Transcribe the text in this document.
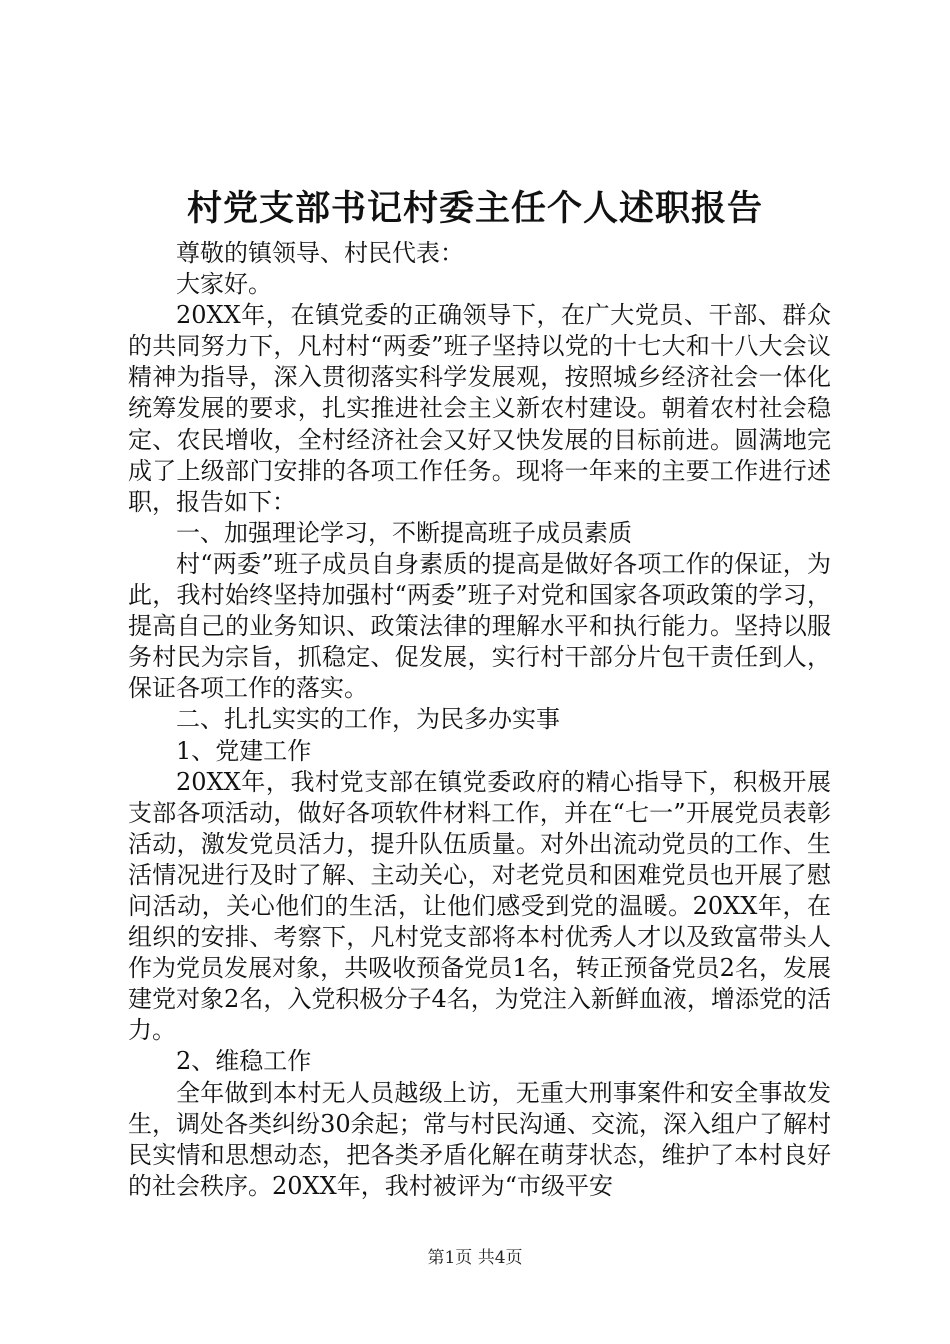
村党支部书记村委主任个人述职报告

尊敬的镇领导、村民代表：

大家好。

20XX年，在镇党委的正确领导下，在广大党员、干部、群众的共同努力下，凡村村“两委”班子坚持以党的十七大和十八大会议精神为指导，深入贯彻落实科学发展观，按照城乡经济社会一体化统筹发展的要求，扎实推进社会主义新农村建设。朝着农村社会稳定、农民增收，全村经济社会又好又快发展的目标前进。圆满地完成了上级部门安排的各项工作任务。现将一年来的主要工作进行述职，报告如下：

一、加强理论学习，不断提高班子成员素质

村“两委”班子成员自身素质的提高是做好各项工作的保证，为此，我村始终坚持加强村“两委”班子对党和国家各项政策的学习，提高自己的业务知识、政策法律的理解水平和执行能力。坚持以服务村民为宗旨，抓稳定、促发展，实行村干部分片包干责任到人，保证各项工作的落实。

二、扎扎实实的工作，为民多办实事

1、党建工作

20XX年，我村党支部在镇党委政府的精心指导下，积极开展支部各项活动，做好各项软件材料工作，并在“七一”开展党员表彰活动，激发党员活力，提升队伍质量。对外出流动党员的工作、生活情况进行及时了解、主动关心，对老党员和困难党员也开展了慰问活动，关心他们的生活，让他们感受到党的温暖。20XX年，在组织的安排、考察下，凡村党支部将本村优秀人才以及致富带头人作为党员发展对象，共吸收预备党员1名，转正预备党员2名，发展建党对象2名，入党积极分子4名，为党注入新鲜血液，增添党的活力。

2、维稳工作

全年做到本村无人员越级上访，无重大刑事案件和安全事故发生，调处各类纠纷30余起；常与村民沟通、交流，深入组户了解村民实情和思想动态，把各类矛盾化解在萌芽状态，维护了本村良好的社会秩序。20XX年，我村被评为“市级平安

第1页 共4页
